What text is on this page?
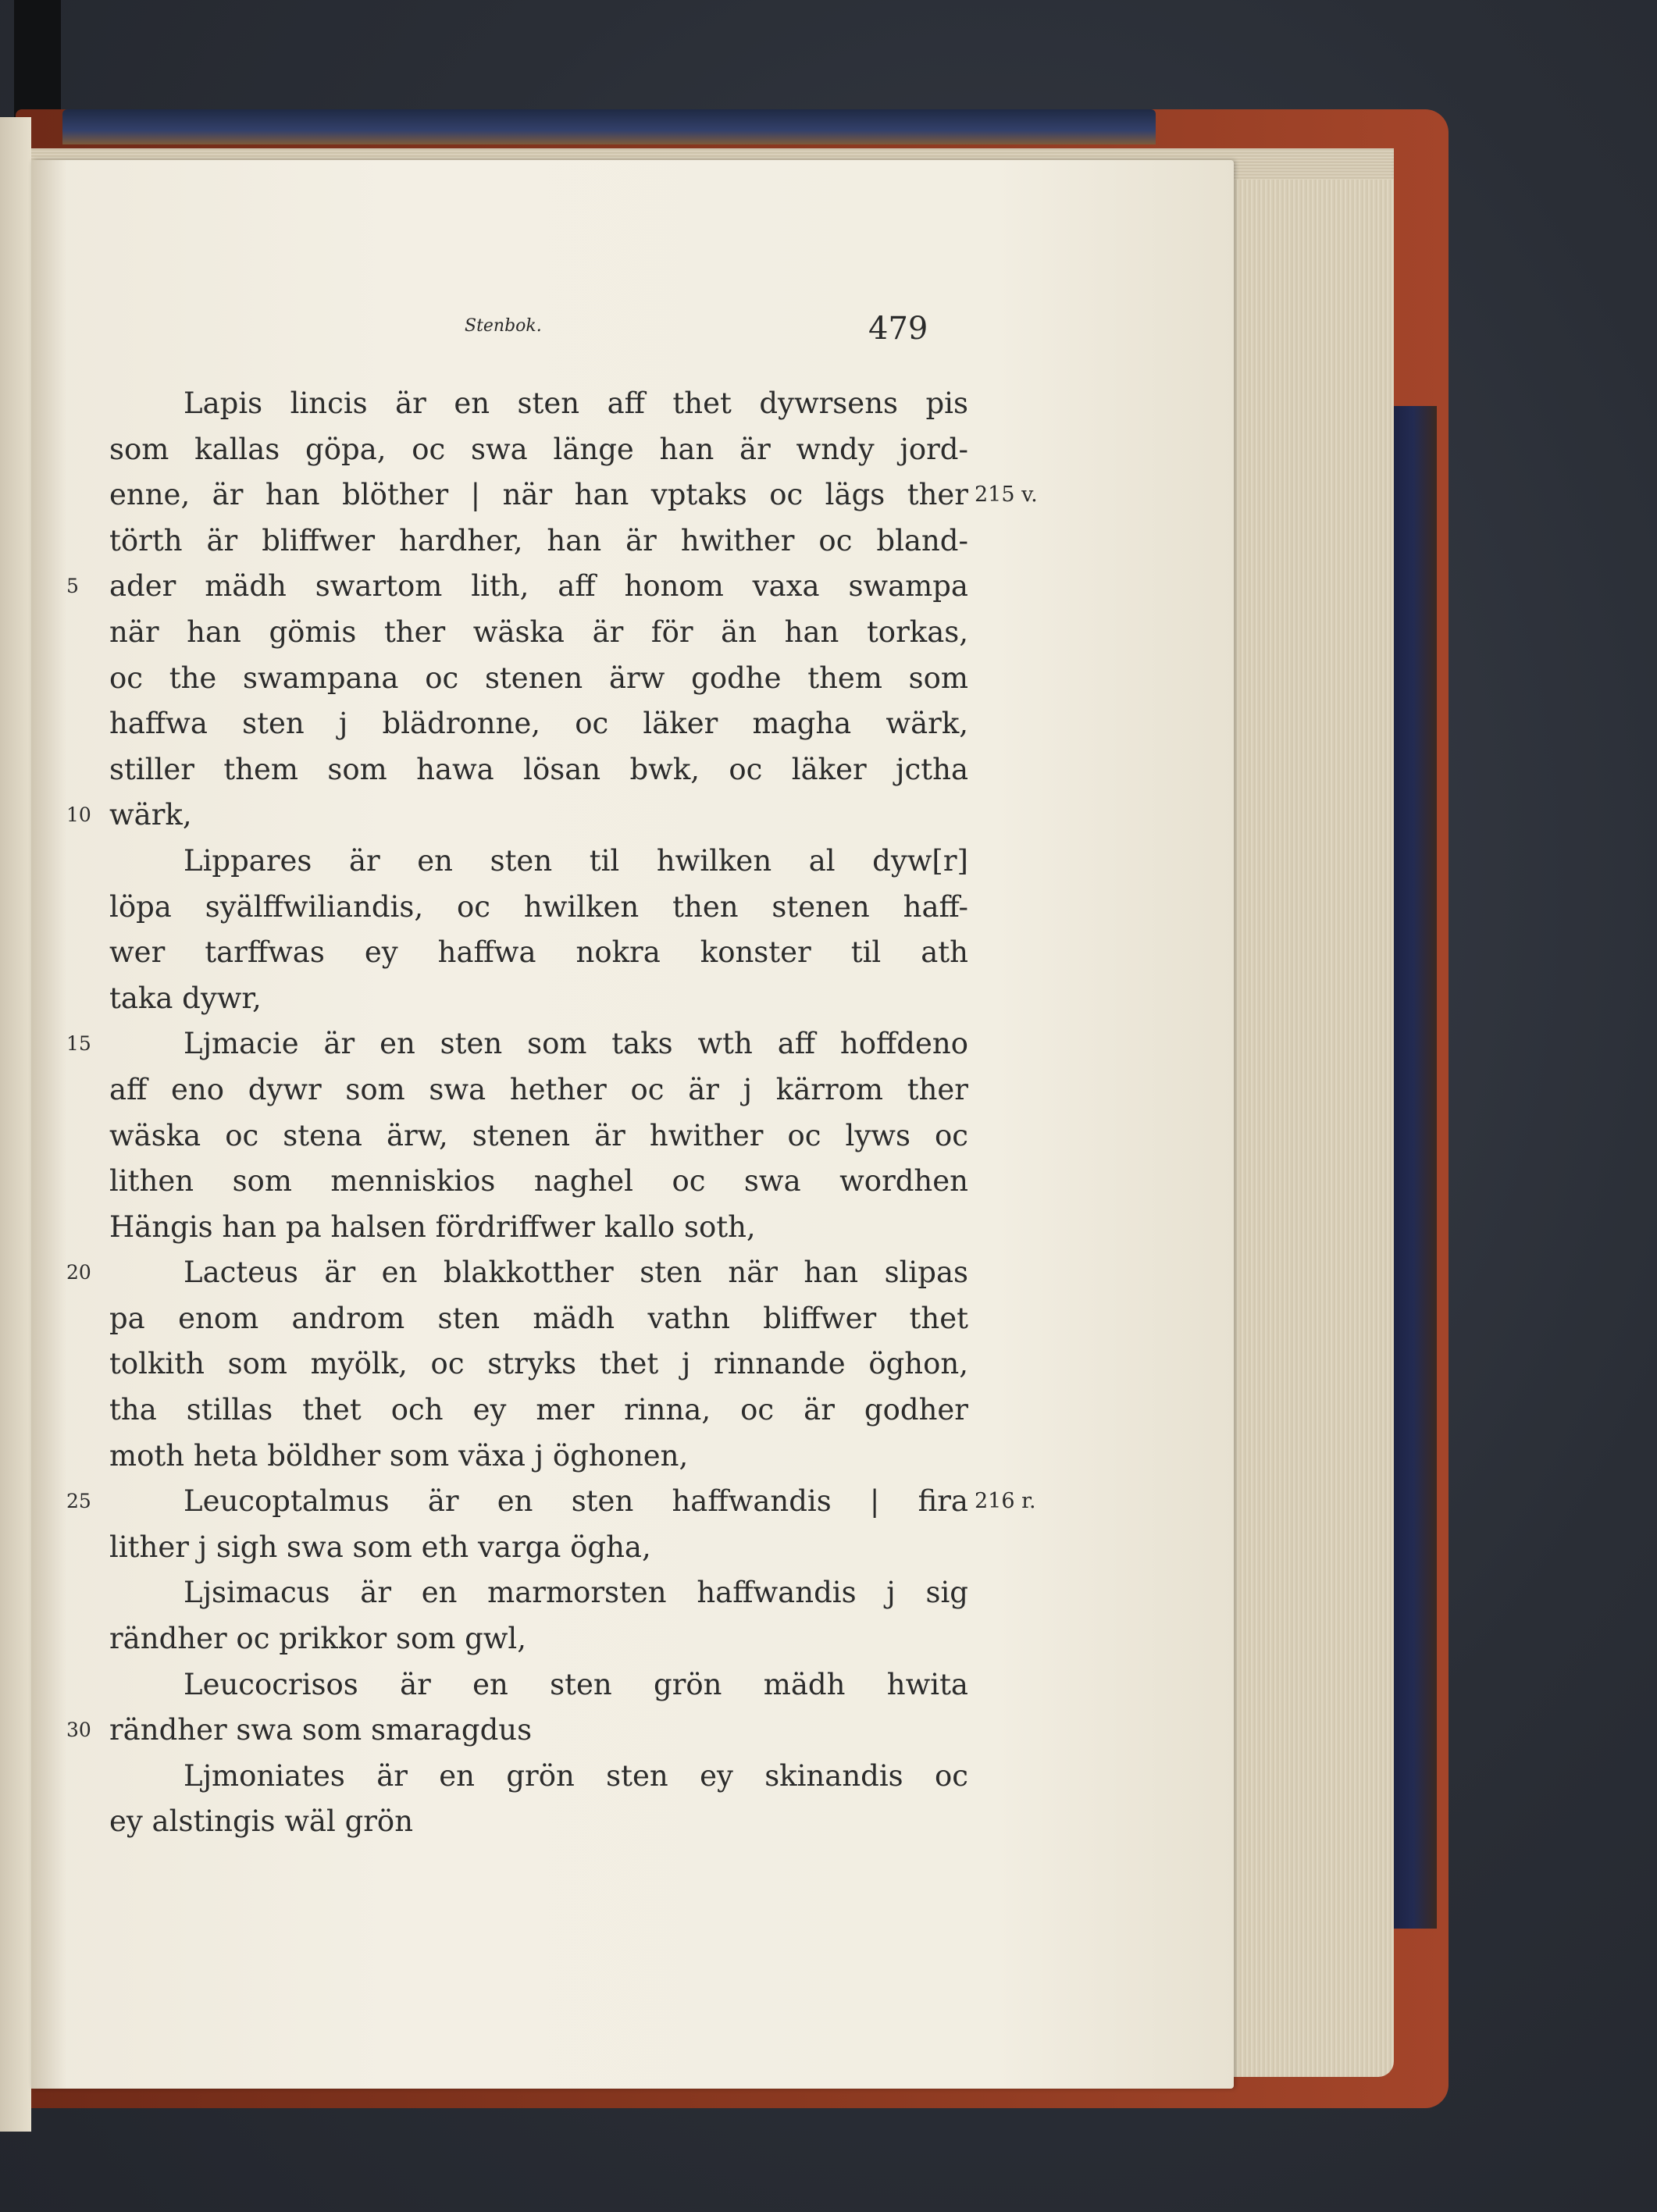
Stenbok.	479
Lapis lincis är en sten aff thet dywrsens pis
som kallas göpa, oc swa länge han är wndy jord-
enne, är han blöther | när han vptaks oc lägs ther 215 v.
törth är bliffwer hardher, han är hwither oc bland-
ader mädh swartom lith, aff honom vaxa swampa
5
när han gömis ther wäska är för än han torkas,
oc the swampana oc stenen ärw godhe them som
haffwa sten j blädronne, oc läker magha wärk,
stiller them som hawa lösan bwk, oc läker jctha
wärk,
10
Lippares är en sten til hwilken al dyw[r]
löpa syälffwiliandis, oc hwilken then stenen haff-
wer tarffwas ey haffwa nokra konster til ath
taka dywr,
Ljmacie är en sten som taks wth aff hoffdeno
15
aff eno dywr som swa hether oc är j kärrom ther
wäska oc stena ärw, stenen är hwither oc lyws oc
lithen som menniskios naghel oc swa wordhen
Hängis han pa halsen fördriffwer kallo soth,
Lacteus är en blakkotther sten när han slipas
20
pa enom androm sten mädh vathn bliffwer thet
tolkith som myölk, oc stryks thet j rinnande öghon,
tha stillas thet och ey mer rinna, oc är godher
moth heta böldher som växa j öghonen,
Leucoptalmus är en sten haffwandis | fira
25	216 r.
lither j sigh swa som eth varga ögha,
Ljsimacus är en marmorsten haffwandis j sig
rändher oc prikkor som gwl,
Leucocrisos är en sten grön mädh hwita
rändher swa som smaragdus
30
Ljmoniates är en grön sten ey skinandis oc
ey alstingis wäl grön
